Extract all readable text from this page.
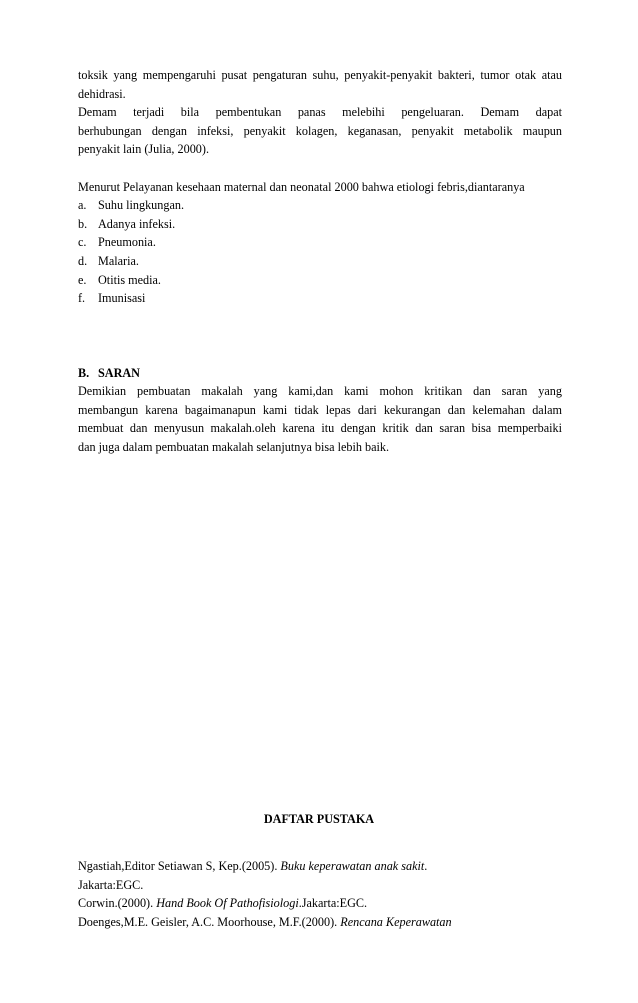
toksik yang mempengaruhi pusat pengaturan suhu, penyakit-penyakit bakteri, tumor otak atau
dehidrasi.
Demam terjadi bila pembentukan panas melebihi pengeluaran. Demam dapat
berhubungan dengan infeksi, penyakit kolagen, keganasan, penyakit metabolik maupun
penyakit lain (Julia, 2000).
Menurut Pelayanan kesehaan maternal dan neonatal 2000 bahwa etiologi febris,diantaranya
a. Suhu lingkungan.
b. Adanya infeksi.
c. Pneumonia.
d. Malaria.
e. Otitis media.
f. Imunisasi
B. SARAN
Demikian pembuatan makalah yang kami,dan kami mohon kritikan dan saran yang
membangun karena bagaimanapun kami tidak lepas dari kekurangan dan kelemahan dalam
membuat dan menyusun makalah.oleh karena itu dengan kritik dan saran bisa memperbaiki
dan juga dalam pembuatan makalah selanjutnya bisa lebih baik.
DAFTAR PUSTAKA
Ngastiah,Editor Setiawan S, Kep.(2005). Buku keperawatan anak sakit.
Jakarta:EGC.
Corwin.(2000). Hand Book Of Pathofisiologi.Jakarta:EGC.
Doenges,M.E. Geisler, A.C. Moorhouse, M.F.(2000). Rencana Keperawatan
